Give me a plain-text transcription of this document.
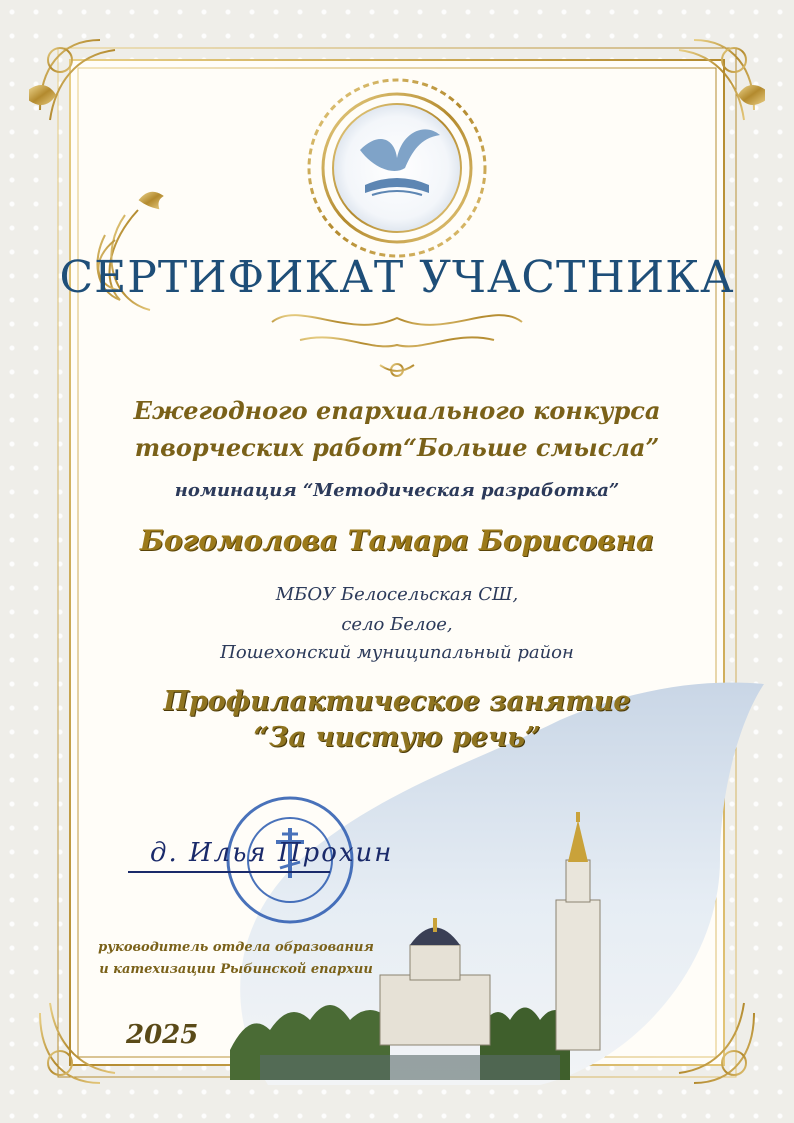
СЕРТИФИКАТ УЧАСТНИКА
Ежегодного епархиального конкурса
творческих работ“Больше смысла”
номинация “Методическая разработка”
Богомолова Тамара Борисовна
МБОУ Белосельская СШ,
село Белое,
Пошехонский муниципальный район
Профилактическое занятие
“За чистую речь”
д. Илья Прохин
руководитель отдела образования
и катехизации Рыбинской епархии
2025
